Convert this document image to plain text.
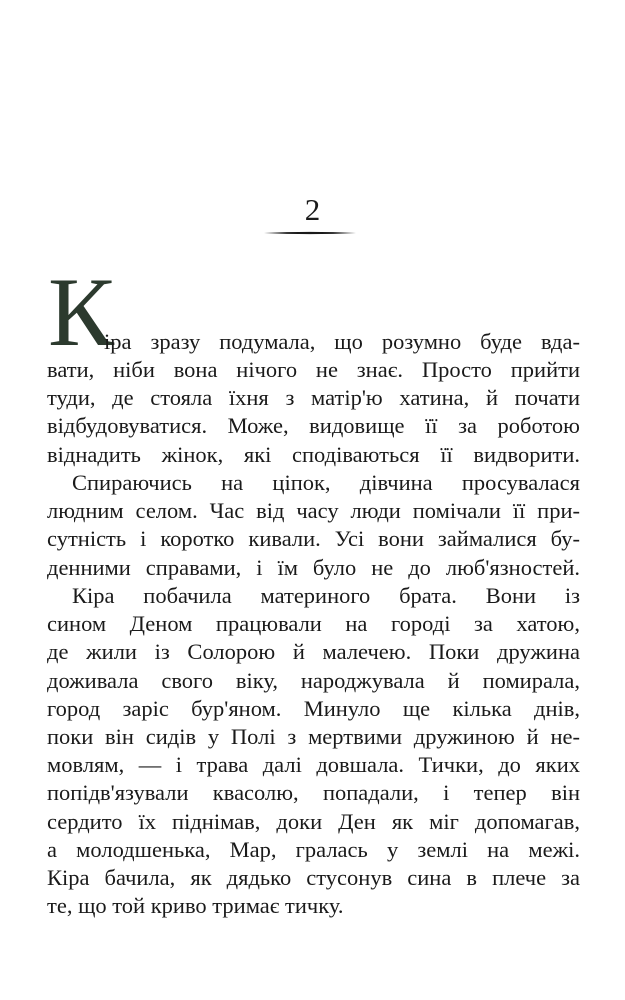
2
К
іра зразу подумала, що розумно буде вда-
вати, ніби вона нічого не знає. Просто прийти
туди, де стояла їхня з матір'ю хатина, й почати
відбудовуватися. Може, видовище її за роботою
віднадить жінок, які сподіваються її видворити.
Спираючись на ціпок, дівчина просувалася
людним селом. Час від часу люди помічали її при-
сутність і коротко кивали. Усі вони займалися бу-
денними справами, і їм було не до люб'язностей.
Кіра побачила материного брата. Вони із
сином Деном працювали на городі за хатою,
де жили із Солорою й малечею. Поки дружина
доживала свого віку, народжувала й помирала,
город заріс бур'яном. Минуло ще кілька днів,
поки він сидів у Полі з мертвими дружиною й не-
мовлям, — і трава далі довшала. Тички, до яких
попідв'язували квасолю, попадали, і тепер він
сердито їх піднімав, доки Ден як міг допомагав,
а молодшенька, Мар, гралась у землі на межі.
Кіра бачила, як дядько стусонув сина в плече за
те, що той криво тримає тичку.
